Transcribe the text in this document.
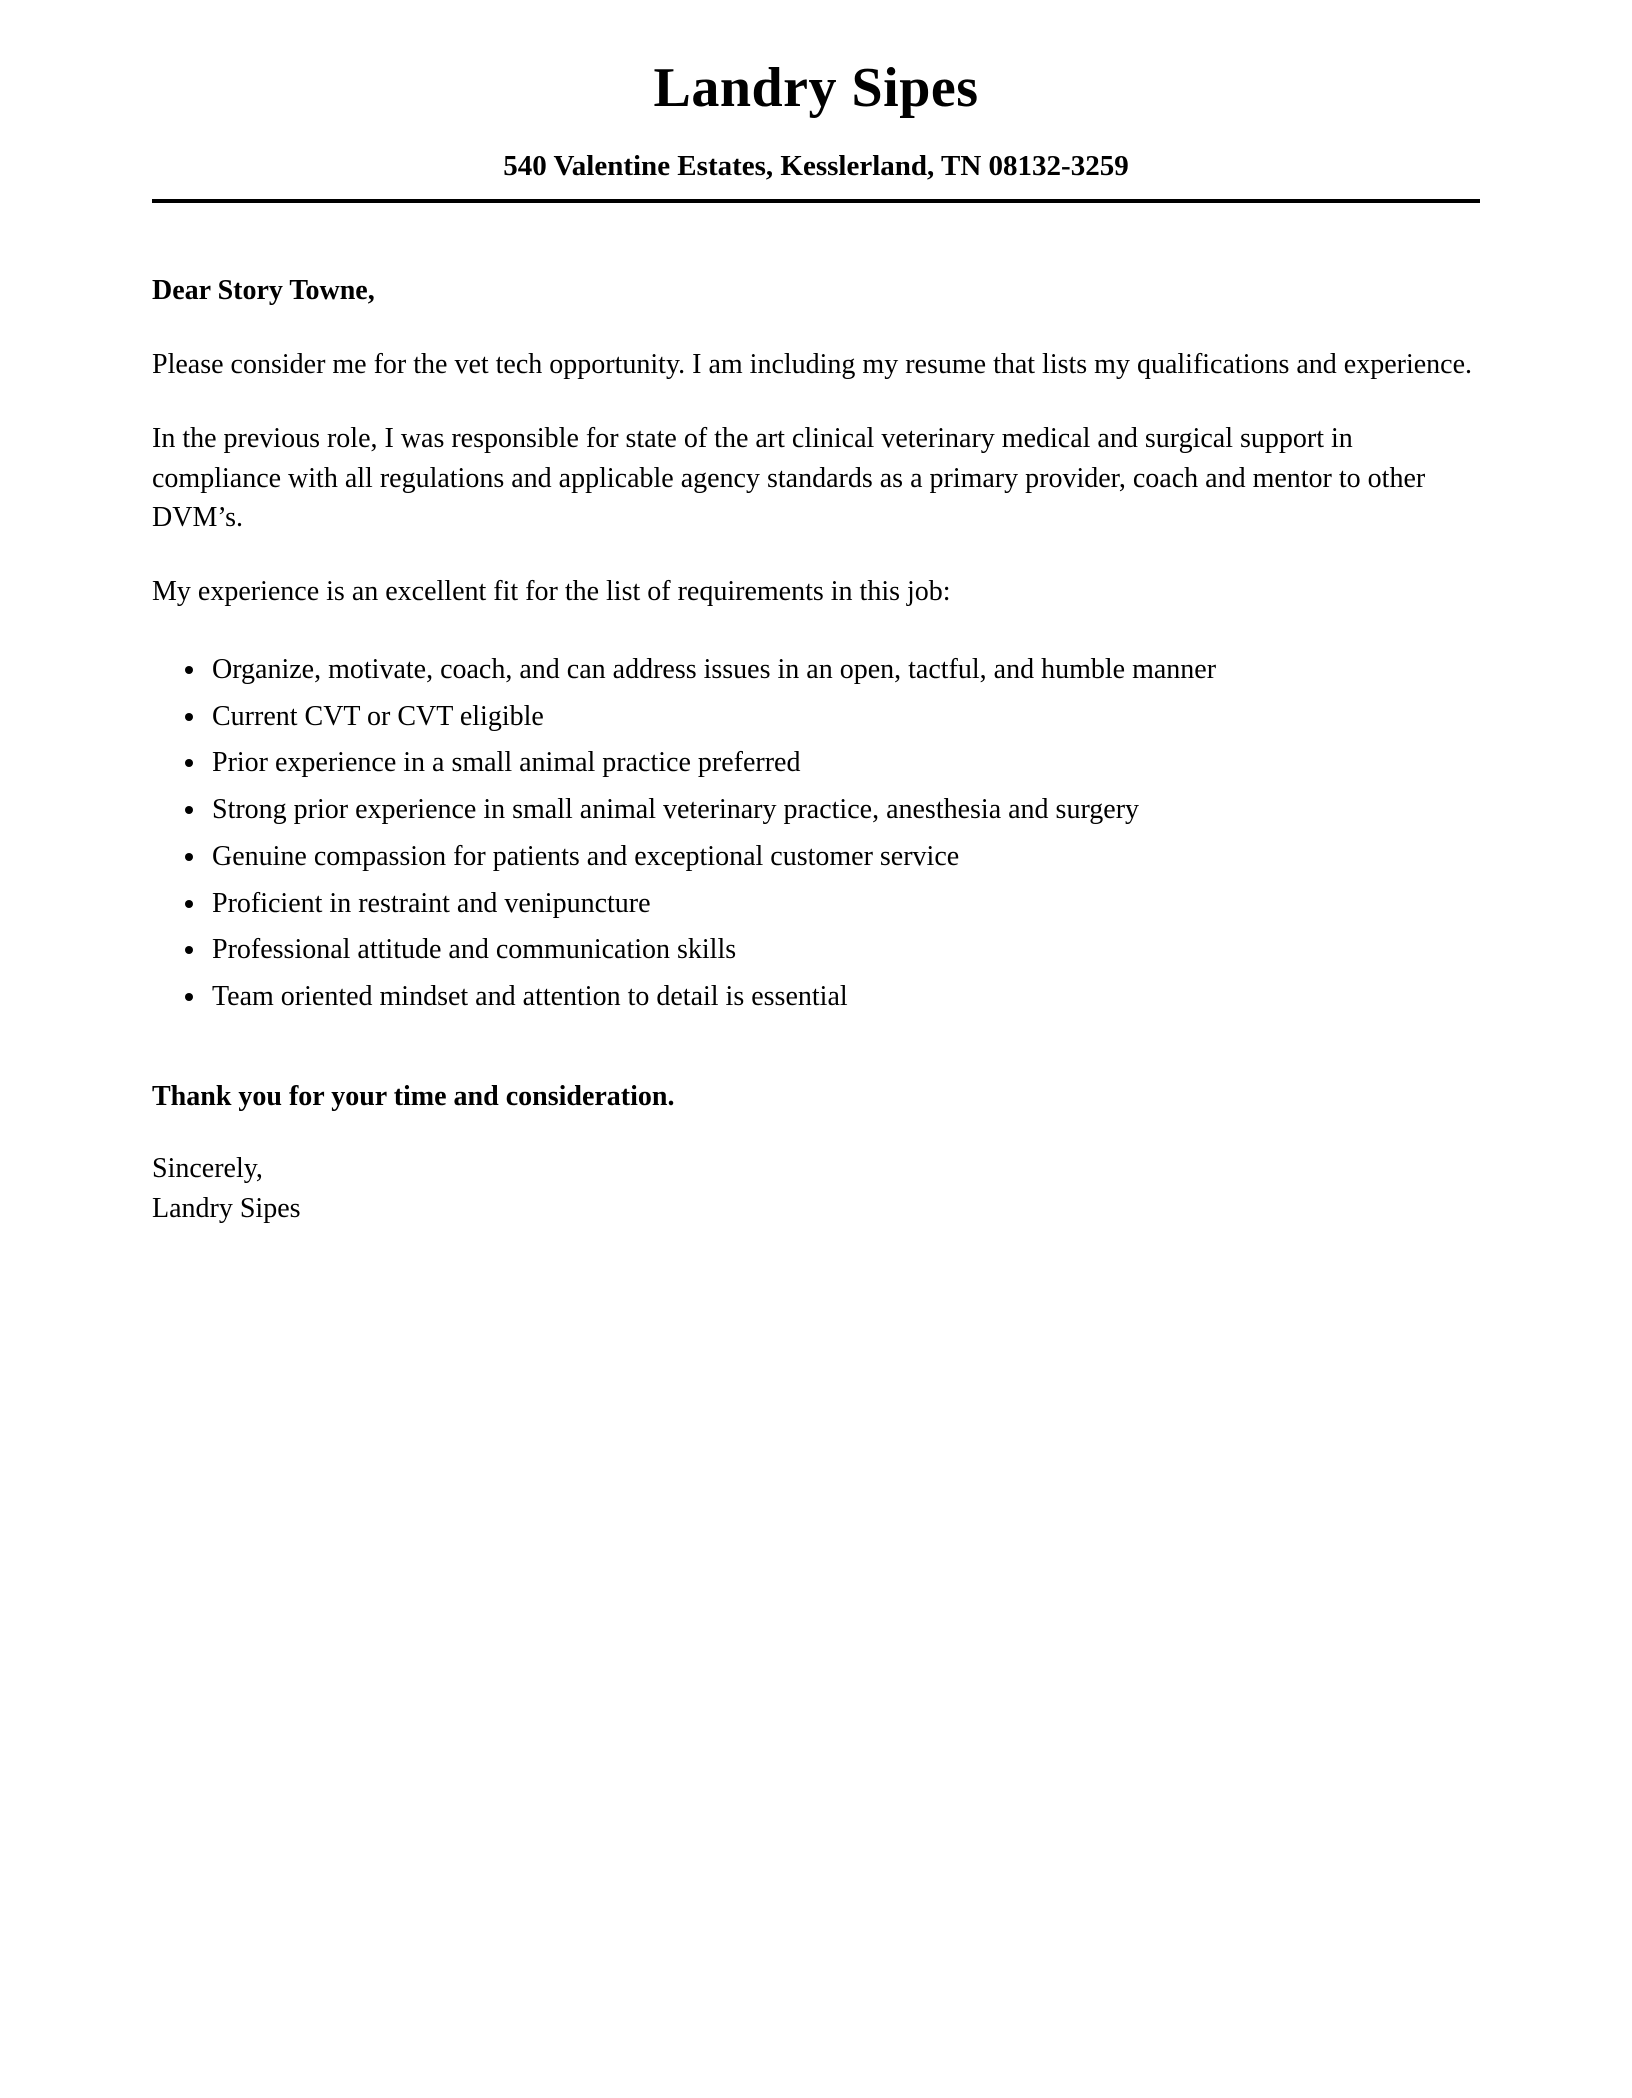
Landry Sipes
540 Valentine Estates, Kesslerland, TN 08132-3259

Dear Story Towne,

Please consider me for the vet tech opportunity. I am including my resume that lists my qualifications and experience.

In the previous role, I was responsible for state of the art clinical veterinary medical and surgical support in compliance with all regulations and applicable agency standards as a primary provider, coach and mentor to other DVM’s.

My experience is an excellent fit for the list of requirements in this job:

• Organize, motivate, coach, and can address issues in an open, tactful, and humble manner
• Current CVT or CVT eligible
• Prior experience in a small animal practice preferred
• Strong prior experience in small animal veterinary practice, anesthesia and surgery
• Genuine compassion for patients and exceptional customer service
• Proficient in restraint and venipuncture
• Professional attitude and communication skills
• Team oriented mindset and attention to detail is essential

Thank you for your time and consideration.

Sincerely,
Landry Sipes
